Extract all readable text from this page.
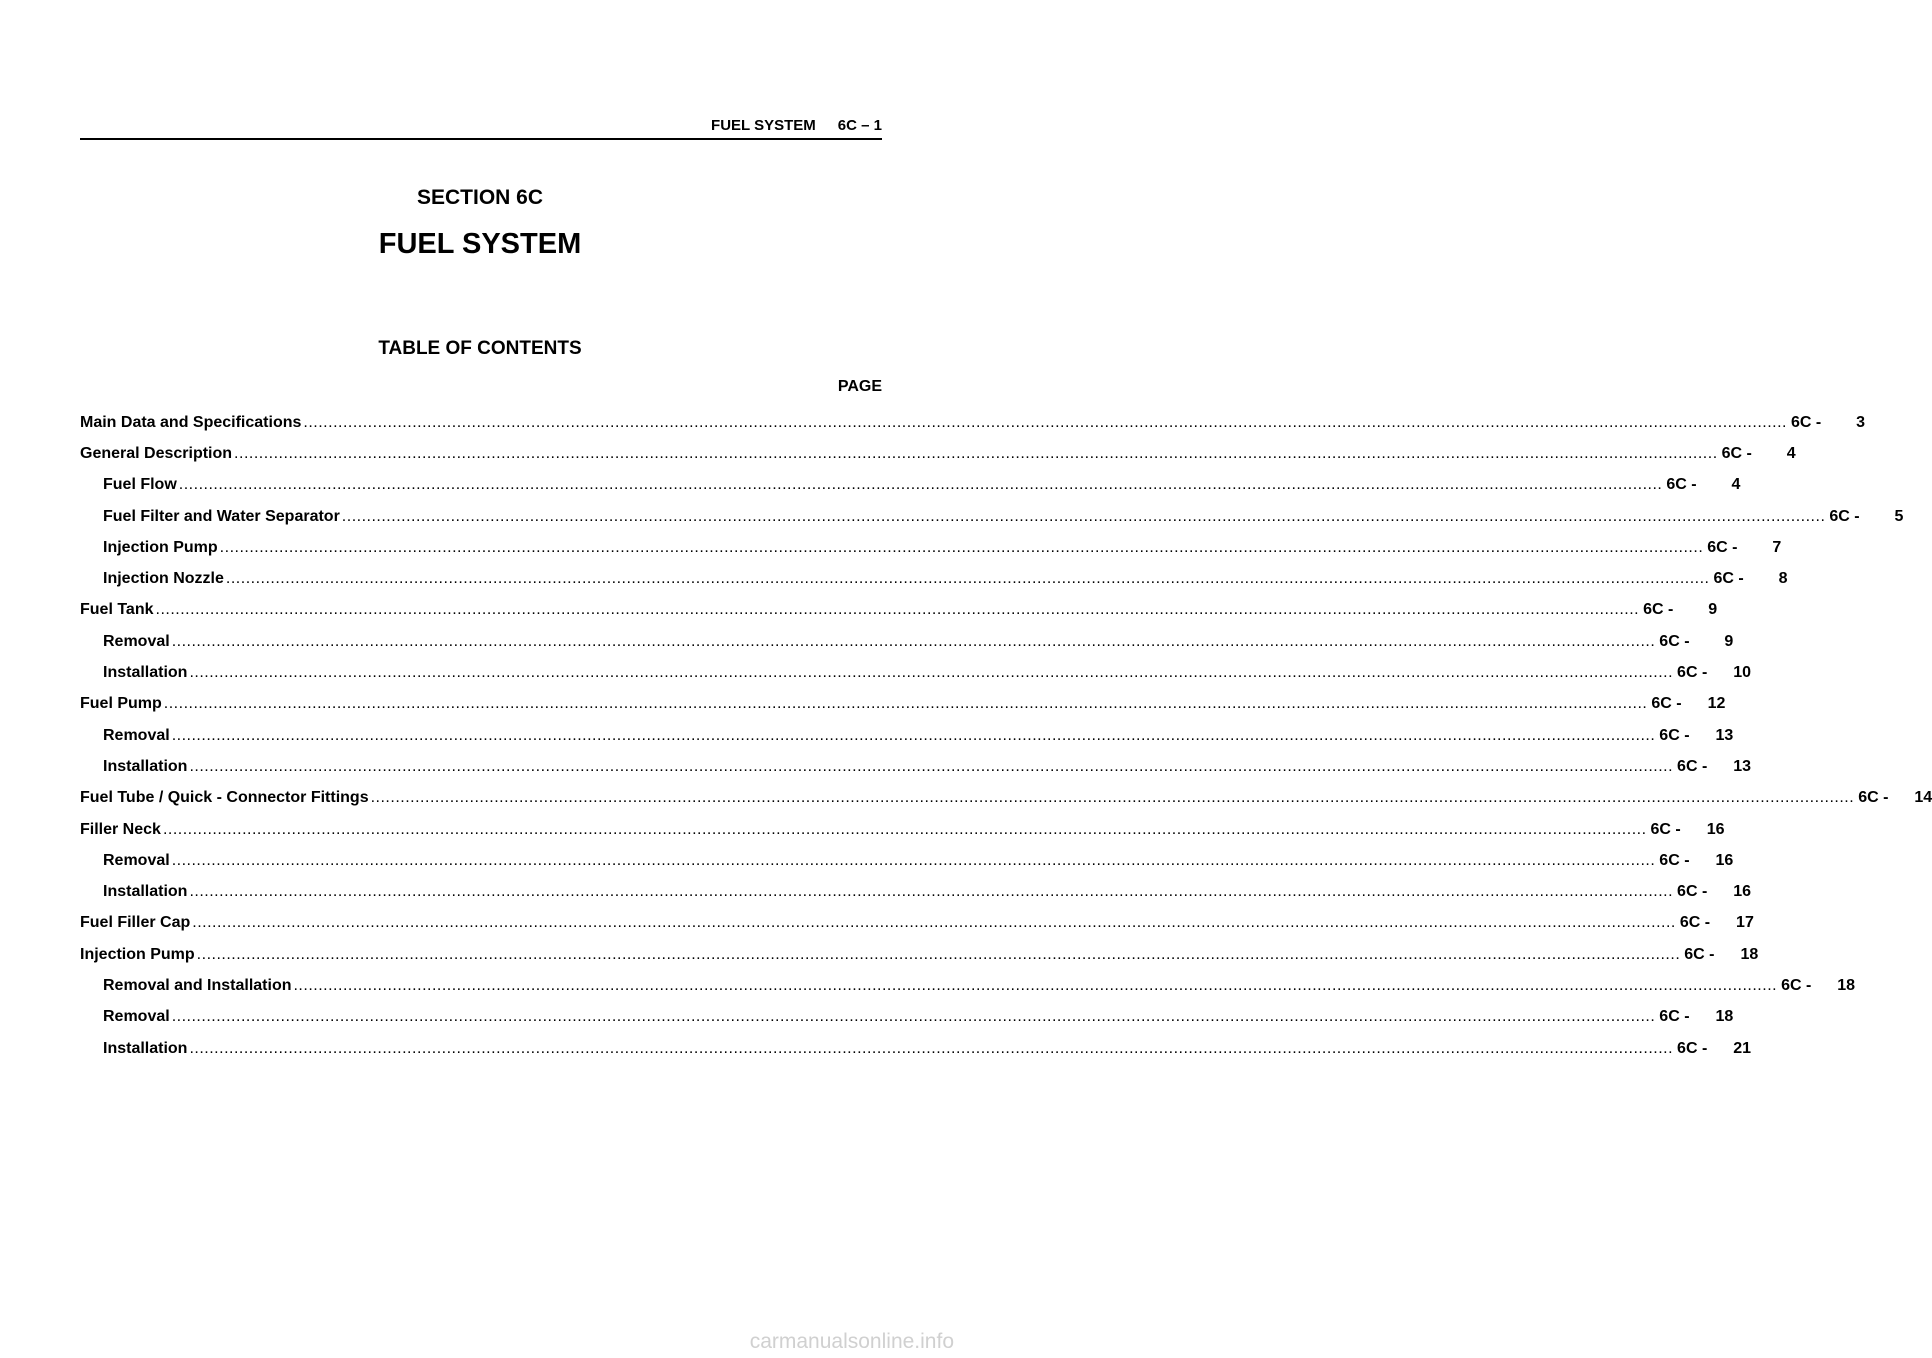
FUEL SYSTEM 6C – 1
SECTION 6C
FUEL SYSTEM
TABLE OF CONTENTS
PAGE
Main Data and Specifications ............................................................................................................................................................................................................................................................................................................ 6C -	3
General Description ............................................................................................................................................................................................................................................................................................................ 6C -	4
Fuel Flow ............................................................................................................................................................................................................................................................................................................ 6C -	4
Fuel Filter and Water Separator ............................................................................................................................................................................................................................................................................................................ 6C -	5
Injection Pump ............................................................................................................................................................................................................................................................................................................ 6C -	7
Injection Nozzle ............................................................................................................................................................................................................................................................................................................ 6C -	8
Fuel Tank ............................................................................................................................................................................................................................................................................................................ 6C -	9
Removal ............................................................................................................................................................................................................................................................................................................ 6C -	9
Installation ............................................................................................................................................................................................................................................................................................................ 6C - 10
Fuel Pump ............................................................................................................................................................................................................................................................................................................ 6C - 12
Removal ............................................................................................................................................................................................................................................................................................................ 6C - 13
Installation ............................................................................................................................................................................................................................................................................................................ 6C - 13
Fuel Tube / Quick - Connector Fittings ............................................................................................................................................................................................................................................................................................................ 6C - 14
Filler Neck ............................................................................................................................................................................................................................................................................................................ 6C - 16
Removal ............................................................................................................................................................................................................................................................................................................ 6C - 16
Installation ............................................................................................................................................................................................................................................................................................................ 6C - 16
Fuel Filler Cap ............................................................................................................................................................................................................................................................................................................ 6C - 17
Injection Pump ............................................................................................................................................................................................................................................................................................................ 6C - 18
Removal and Installation ............................................................................................................................................................................................................................................................................................................ 6C - 18
Removal ............................................................................................................................................................................................................................................................................................................ 6C - 18
Installation ............................................................................................................................................................................................................................................................................................................ 6C - 21
carmanualsonline.info
